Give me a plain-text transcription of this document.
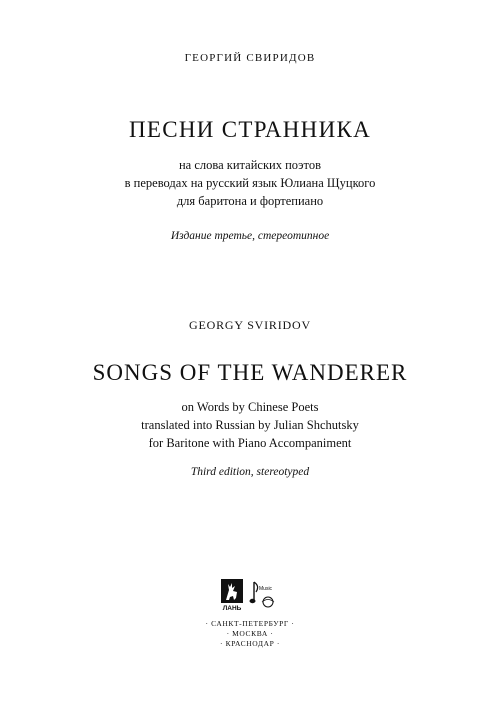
ГЕОРГИЙ СВИРИДОВ
ПЕСНИ СТРАННИКА
на слова китайских поэтов
в переводах на русский язык Юлиана Щуцкого
для баритона и фортепиано
Издание третье, стереотипное
GEORGY SVIRIDOV
SONGS OF THE WANDERER
on Words by Chinese Poets
translated into Russian by Julian Shchutsky
for Baritone with Piano Accompaniment
Third edition, stereotyped
ЛАНЬ
Music
· САНКТ-ПЕТЕРБУРГ ·
· МОСКВА ·
· КРАСНОДАР ·
